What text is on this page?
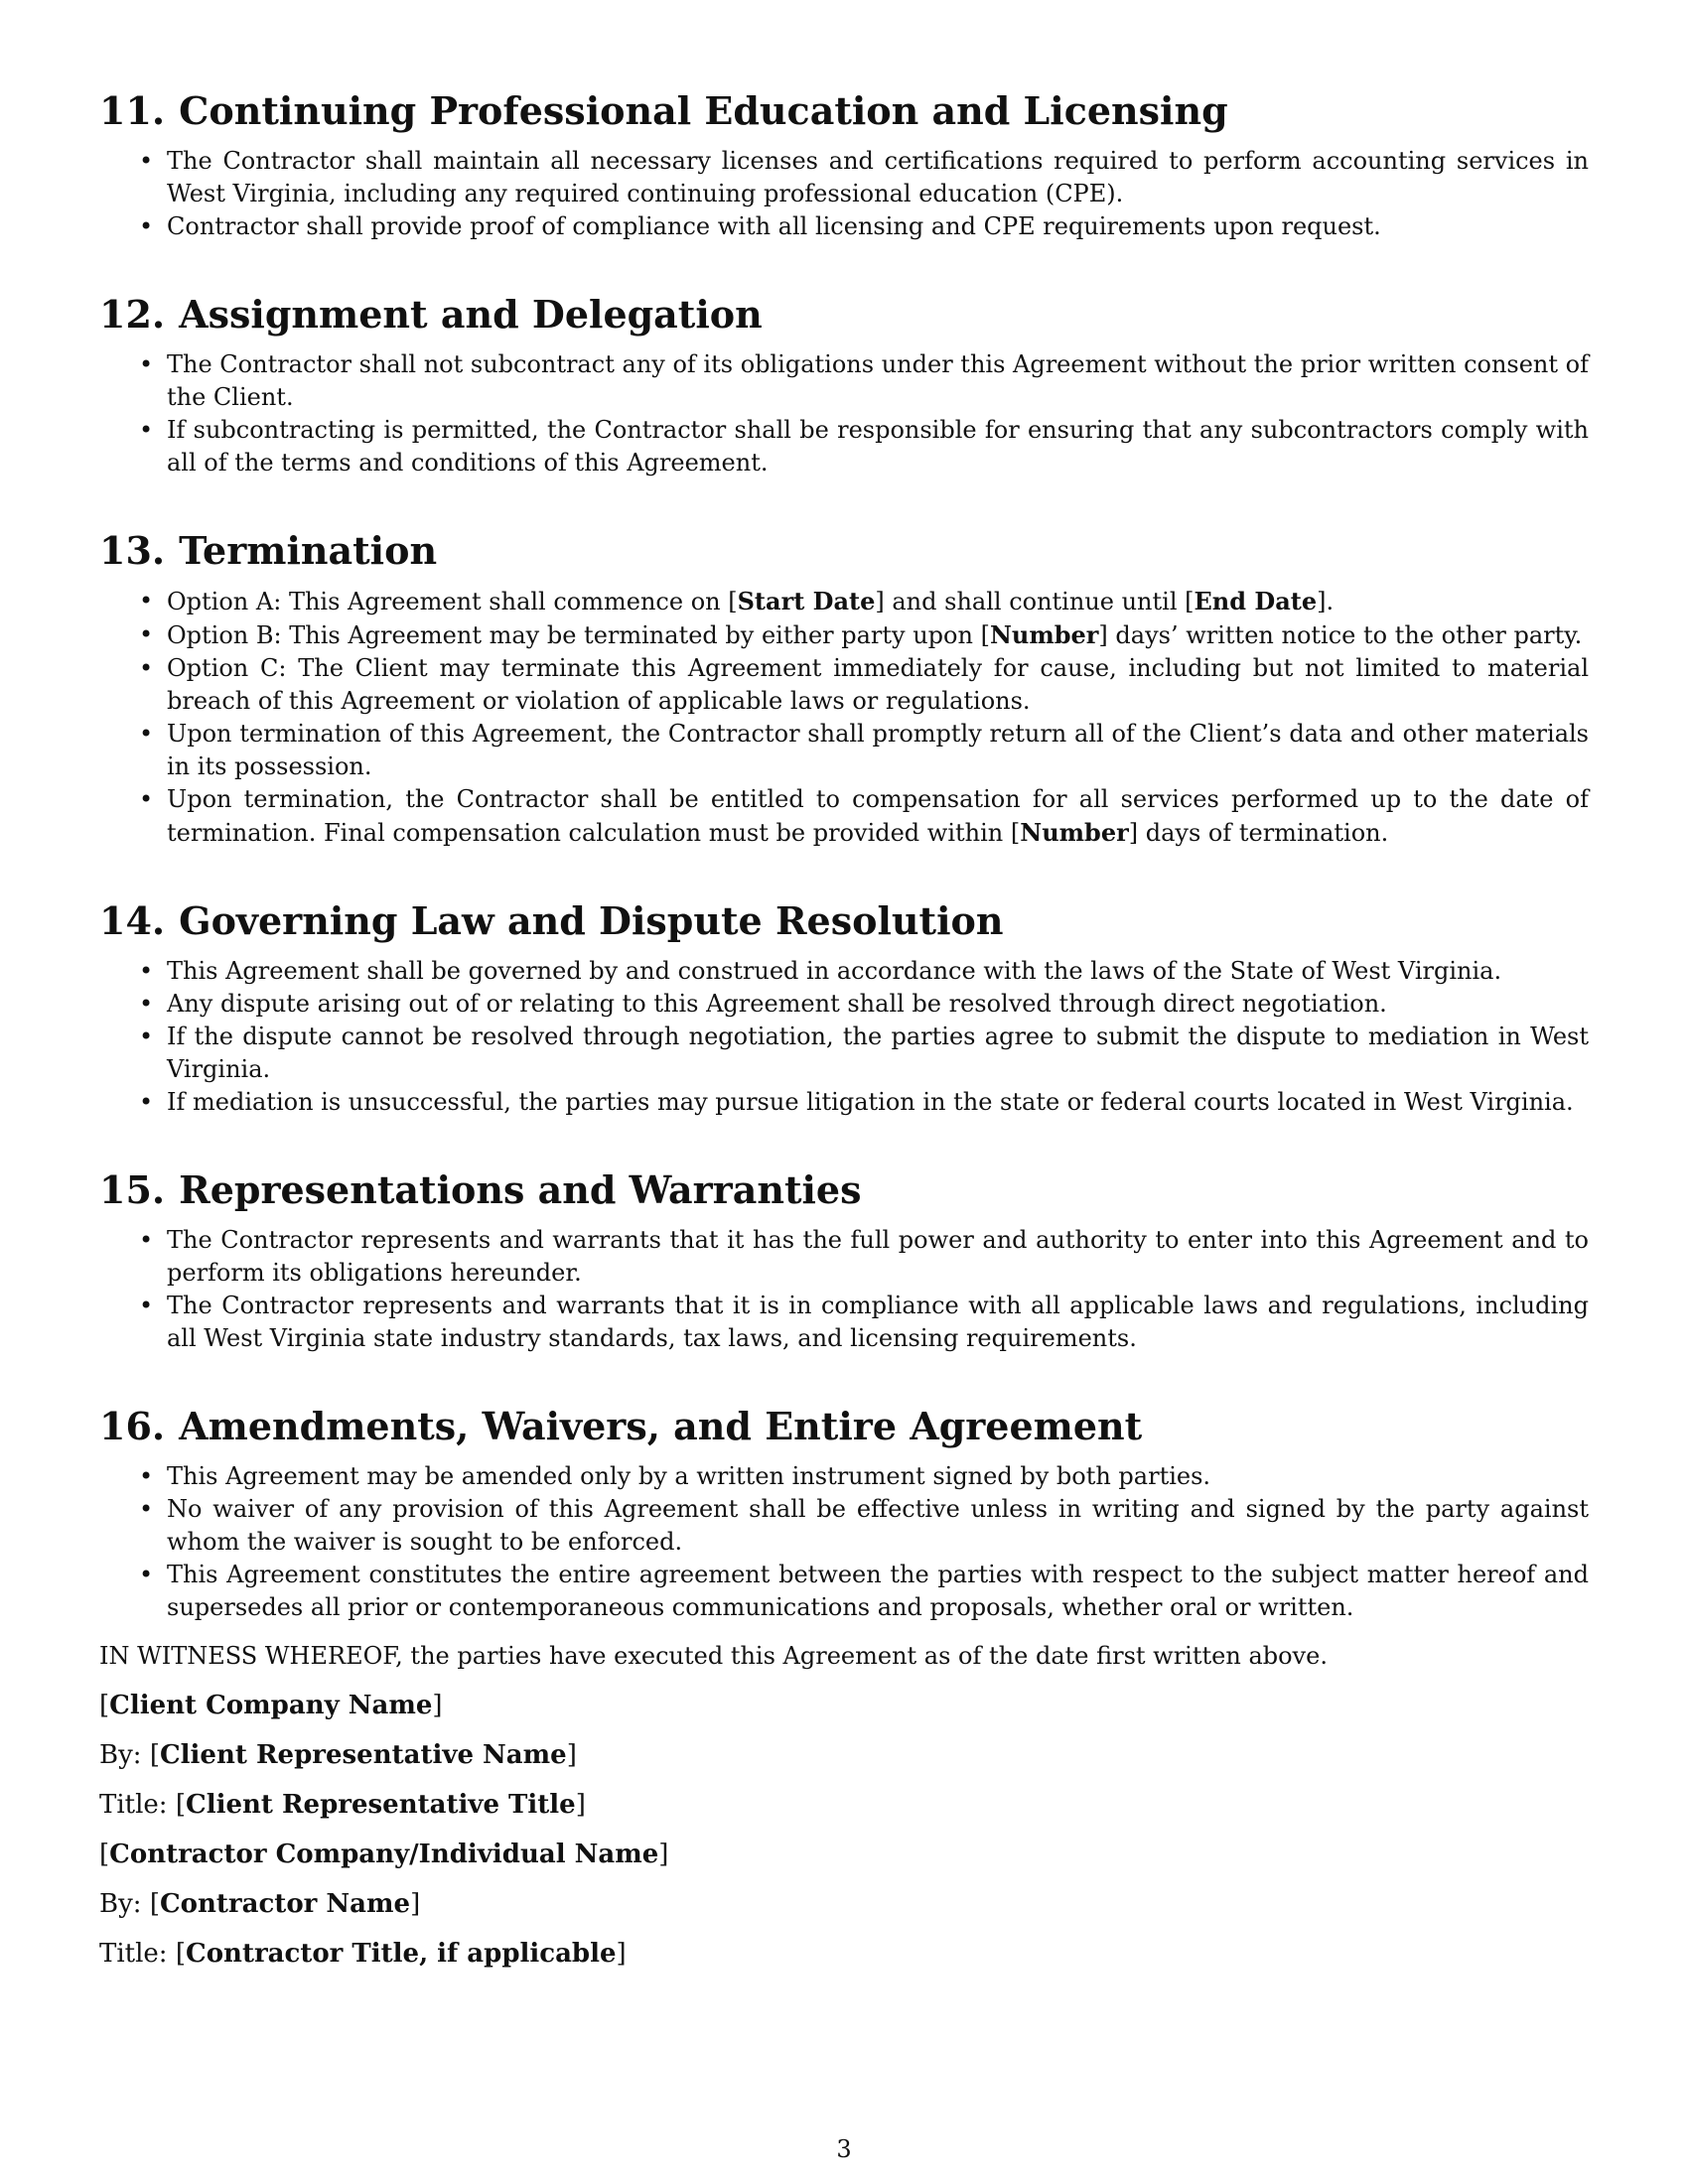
11. Continuing Professional Education and Licensing
• The Contractor shall maintain all necessary licenses and certifications required to perform accounting services in West Virginia, including any required continuing professional education (CPE).
• Contractor shall provide proof of compliance with all licensing and CPE requirements upon request.
12. Assignment and Delegation
• The Contractor shall not subcontract any of its obligations under this Agreement without the prior written consent of the Client.
• If subcontracting is permitted, the Contractor shall be responsible for ensuring that any subcontractors comply with all of the terms and conditions of this Agreement.
13. Termination
• Option A: This Agreement shall commence on [Start Date] and shall continue until [End Date].
• Option B: This Agreement may be terminated by either party upon [Number] days’ written notice to the other party.
• Option C: The Client may terminate this Agreement immediately for cause, including but not limited to material breach of this Agreement or violation of applicable laws or regulations.
• Upon termination of this Agreement, the Contractor shall promptly return all of the Client’s data and other materials in its possession.
• Upon termination, the Contractor shall be entitled to compensation for all services performed up to the date of termination. Final compensation calculation must be provided within [Number] days of termination.
14. Governing Law and Dispute Resolution
• This Agreement shall be governed by and construed in accordance with the laws of the State of West Virginia.
• Any dispute arising out of or relating to this Agreement shall be resolved through direct negotiation.
• If the dispute cannot be resolved through negotiation, the parties agree to submit the dispute to mediation in West Virginia.
• If mediation is unsuccessful, the parties may pursue litigation in the state or federal courts located in West Virginia.
15. Representations and Warranties
• The Contractor represents and warrants that it has the full power and authority to enter into this Agreement and to perform its obligations hereunder.
• The Contractor represents and warrants that it is in compliance with all applicable laws and regulations, including all West Virginia state industry standards, tax laws, and licensing requirements.
16. Amendments, Waivers, and Entire Agreement
• This Agreement may be amended only by a written instrument signed by both parties.
• No waiver of any provision of this Agreement shall be effective unless in writing and signed by the party against whom the waiver is sought to be enforced.
• This Agreement constitutes the entire agreement between the parties with respect to the subject matter hereof and supersedes all prior or contemporaneous communications and proposals, whether oral or written.

IN WITNESS WHEREOF, the parties have executed this Agreement as of the date first written above.

[Client Company Name]

By: [Client Representative Name]

Title: [Client Representative Title]

[Contractor Company/Individual Name]

By: [Contractor Name]

Title: [Contractor Title, if applicable]

3
